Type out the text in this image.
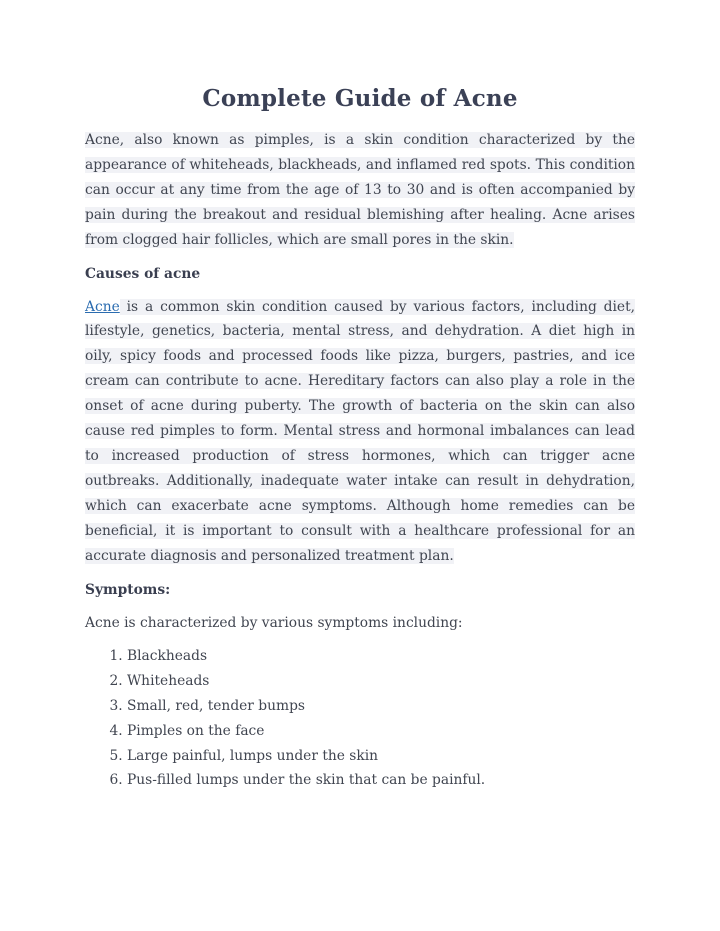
Complete Guide of Acne

Acne, also known as pimples, is a skin condition characterized by the appearance of whiteheads, blackheads, and inflamed red spots. This condition can occur at any time from the age of 13 to 30 and is often accompanied by pain during the breakout and residual blemishing after healing. Acne arises from clogged hair follicles, which are small pores in the skin.

Causes of acne

Acne is a common skin condition caused by various factors, including diet, lifestyle, genetics, bacteria, mental stress, and dehydration. A diet high in oily, spicy foods and processed foods like pizza, burgers, pastries, and ice cream can contribute to acne. Hereditary factors can also play a role in the onset of acne during puberty. The growth of bacteria on the skin can also cause red pimples to form. Mental stress and hormonal imbalances can lead to increased production of stress hormones, which can trigger acne outbreaks. Additionally, inadequate water intake can result in dehydration, which can exacerbate acne symptoms. Although home remedies can be beneficial, it is important to consult with a healthcare professional for an accurate diagnosis and personalized treatment plan.

Symptoms:

Acne is characterized by various symptoms including:

1. Blackheads
2. Whiteheads
3. Small, red, tender bumps
4. Pimples on the face
5. Large painful, lumps under the skin
6. Pus-filled lumps under the skin that can be painful.
